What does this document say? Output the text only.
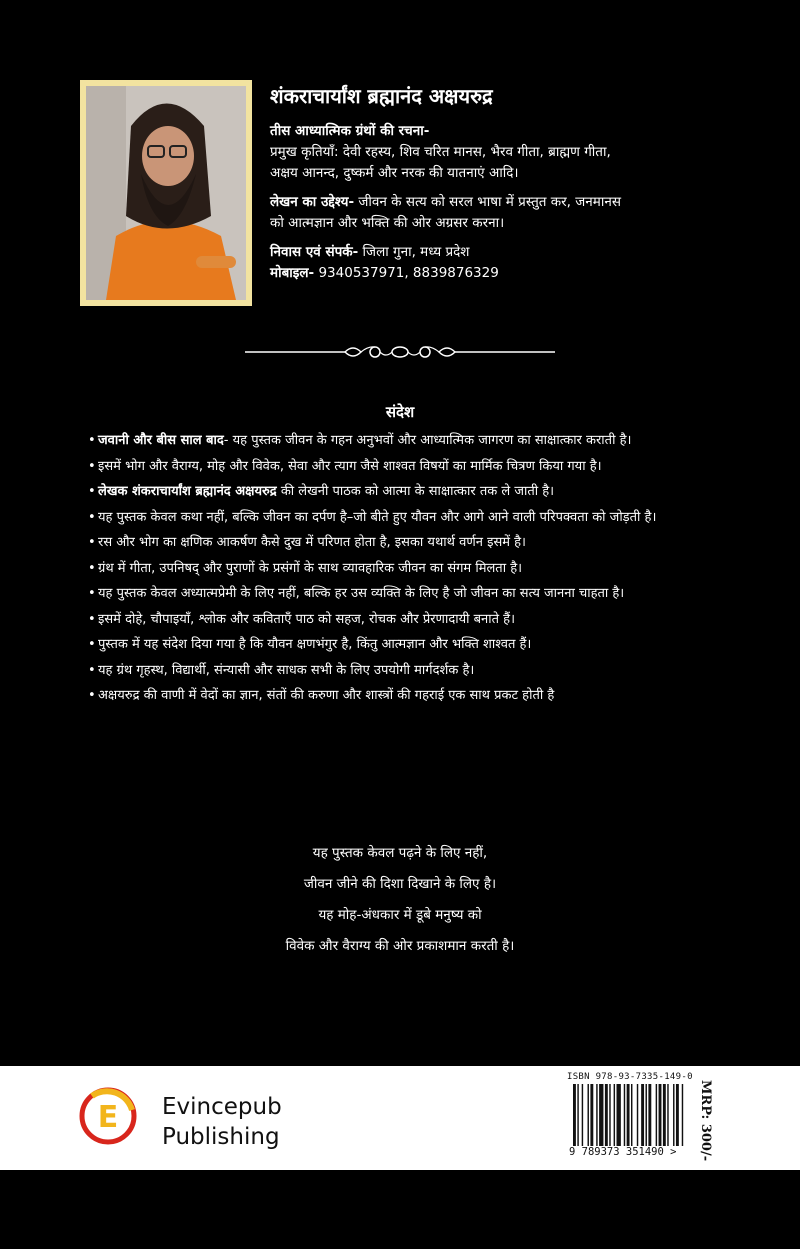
शंकराचार्यांश ब्रह्मानंद अक्षयरुद्र

तीस आध्यात्मिक ग्रंथों की रचना-

प्रमुख कृतियाँ: देवी रहस्य, शिव चरित मानस, भैरव गीता, ब्राह्मण गीता,

अक्षय आनन्द, दुष्कर्म और नरक की यातनाएं आदि।

लेखन का उद्देश्य- जीवन के सत्य को सरल भाषा में प्रस्तुत कर, जनमानस

को आत्मज्ञान और भक्ति की ओर अग्रसर करना।

निवास एवं संपर्क- जिला गुना, मध्य प्रदेश

मोबाइल- 9340537971, 8839876329

संदेश
• जवानी और बीस साल बाद- यह पुस्तक जीवन के गहन अनुभवों और आध्यात्मिक जागरण का साक्षात्कार कराती है।
• इसमें भोग और वैराग्य, मोह और विवेक, सेवा और त्याग जैसे शाश्वत विषयों का मार्मिक चित्रण किया गया है।
• लेखक शंकराचार्यांश ब्रह्मानंद अक्षयरुद्र की लेखनी पाठक को आत्मा के साक्षात्कार तक ले जाती है।
• यह पुस्तक केवल कथा नहीं, बल्कि जीवन का दर्पण है–जो बीते हुए यौवन और आगे आने वाली परिपक्वता को जोड़ती है।
• रस और भोग का क्षणिक आकर्षण कैसे दुख में परिणत होता है, इसका यथार्थ वर्णन इसमें है।
• ग्रंथ में गीता, उपनिषद् और पुराणों के प्रसंगों के साथ व्यावहारिक जीवन का संगम मिलता है।
• यह पुस्तक केवल अध्यात्मप्रेमी के लिए नहीं, बल्कि हर उस व्यक्ति के लिए है जो जीवन का सत्य जानना चाहता है।
• इसमें दोहे, चौपाइयाँ, श्लोक और कविताएँ पाठ को सहज, रोचक और प्रेरणादायी बनाते हैं।
• पुस्तक में यह संदेश दिया गया है कि यौवन क्षणभंगुर है, किंतु आत्मज्ञान और भक्ति शाश्वत हैं।
• यह ग्रंथ गृहस्थ, विद्यार्थी, संन्यासी और साधक सभी के लिए उपयोगी मार्गदर्शक है।
• अक्षयरुद्र की वाणी में वेदों का ज्ञान, संतों की करुणा और शास्त्रों की गहराई एक साथ प्रकट होती है

यह पुस्तक केवल पढ़ने के लिए नहीं,

जीवन जीने की दिशा दिखाने के लिए है।

यह मोह-अंधकार में डूबे मनुष्य को

विवेक और वैराग्य की ओर प्रकाशमान करती है।

E Evincepub
Publishing
ISBN 978-93-7335-149-0
9 789373 351490 > MRP: 300/-
